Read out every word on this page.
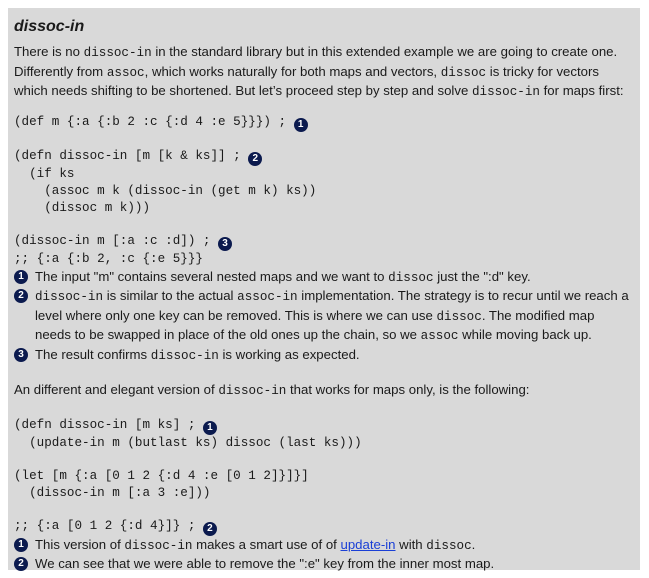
dissoc-in

There is no dissoc-in in the standard library but in this extended example we are going to create one. Differently from assoc, which works naturally for both maps and vectors, dissoc is tricky for vectors which needs shifting to be shortened. But let’s proceed step by step and solve dissoc-in for maps first:

(def m {:a {:b 2 :c {:d 4 :e 5}}}) ; 1
(defn dissoc-in [m [k & ks]] ; 2
(if ks
(assoc m k (dissoc-in (get m k) ks))
(dissoc m k)))
(dissoc-in m [:a :c :d]) ; 3
;; {:a {:b 2, :c {:e 5}}}
1 The input "m" contains several nested maps and we want to dissoc just the ":d" key.
2 dissoc-in is similar to the actual assoc-in implementation. The strategy is to recur until we reach a level where only one key can be removed. This is where we can use dissoc. The modified map needs to be swapped in place of the old ones up the chain, so we assoc while moving back up.
3 The result confirms dissoc-in is working as expected.

An different and elegant version of dissoc-in that works for maps only, is the following:

(defn dissoc-in [m ks] ; 1
(update-in m (butlast ks) dissoc (last ks)))
(let [m {:a [0 1 2 {:d 4 :e [0 1 2]}]}]
(dissoc-in m [:a 3 :e]))
;; {:a [0 1 2 {:d 4}]} ; 2
1 This version of dissoc-in makes a smart use of of update-in with dissoc.
2 We can see that we were able to remove the ":e" key from the inner most map.
